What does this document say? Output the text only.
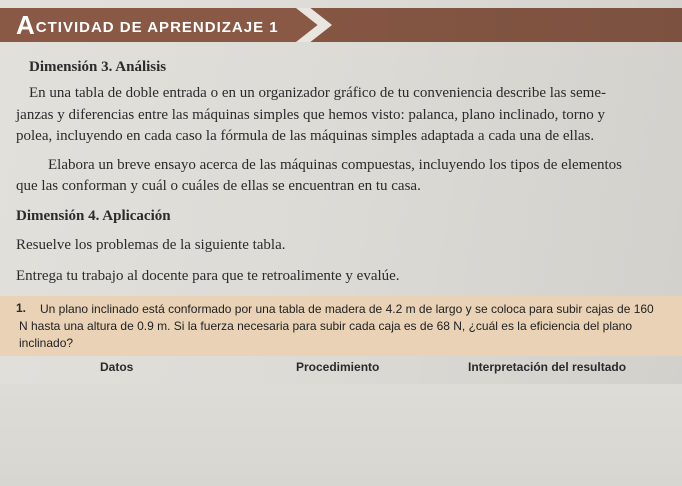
ACTIVIDAD DE APRENDIZAJE 1
Dimensión 3. Análisis
En una tabla de doble entrada o en un organizador gráfico de tu conveniencia describe las seme-
janzas y diferencias entre las máquinas simples que hemos visto: palanca, plano inclinado, torno y
polea, incluyendo en cada caso la fórmula de las máquinas simples adaptada a cada una de ellas.
Elabora un breve ensayo acerca de las máquinas compuestas, incluyendo los tipos de elementos
que las conforman y cuál o cuáles de ellas se encuentran en tu casa.
Dimensión 4. Aplicación
Resuelve los problemas de la siguiente tabla.
Entrega tu trabajo al docente para que te retroalimente y evalúe.
1.	Un plano inclinado está conformado por una tabla de madera de 4.2 m de largo y se coloca para subir cajas de 160 N hasta una altura de 0.9 m. Si la fuerza necesaria para subir cada caja es de 68 N, ¿cuál es la eficiencia del plano inclinado?
Datos	Procedimiento	Interpretación del resultado
